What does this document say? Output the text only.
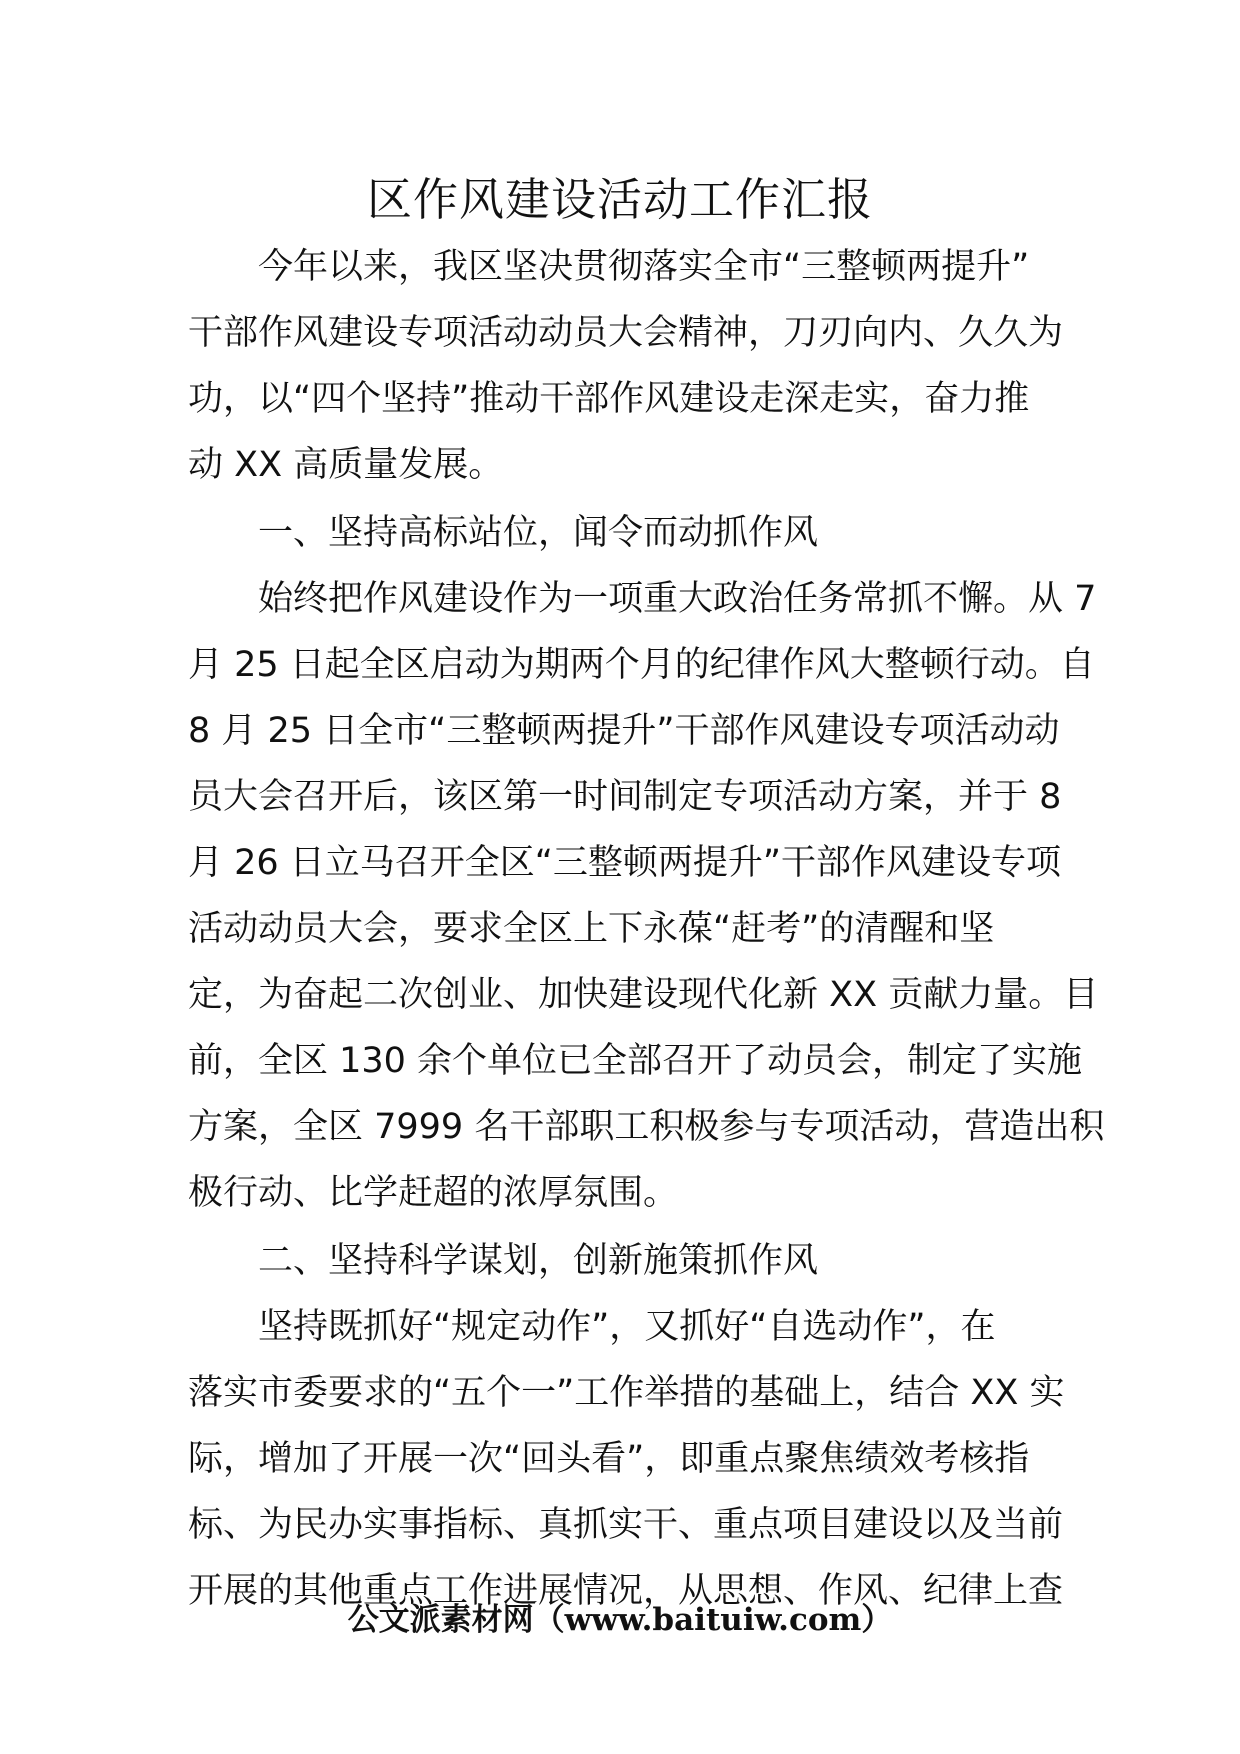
区作风建设活动工作汇报
今年以来，我区坚决贯彻落实全市“三整顿两提升”
干部作风建设专项活动动员大会精神，刀刃向内、久久为
功，以“四个坚持”推动干部作风建设走深走实，奋力推
动 XX 高质量发展。
一、坚持高标站位，闻令而动抓作风
始终把作风建设作为一项重大政治任务常抓不懈。从 7
月 25 日起全区启动为期两个月的纪律作风大整顿行动。自
8 月 25 日全市“三整顿两提升”干部作风建设专项活动动
员大会召开后，该区第一时间制定专项活动方案，并于 8
月 26 日立马召开全区“三整顿两提升”干部作风建设专项
活动动员大会，要求全区上下永葆“赶考”的清醒和坚
定，为奋起二次创业、加快建设现代化新 XX 贡献力量。目
前，全区 130 余个单位已全部召开了动员会，制定了实施
方案，全区 7999 名干部职工积极参与专项活动，营造出积
极行动、比学赶超的浓厚氛围。
二、坚持科学谋划，创新施策抓作风
坚持既抓好“规定动作”，又抓好“自选动作”，在
落实市委要求的“五个一”工作举措的基础上，结合 XX 实
际，增加了开展一次“回头看”，即重点聚焦绩效考核指
标、为民办实事指标、真抓实干、重点项目建设以及当前
开展的其他重点工作进展情况，从思想、作风、纪律上查
公文派素材网（www.baituiw.com）
